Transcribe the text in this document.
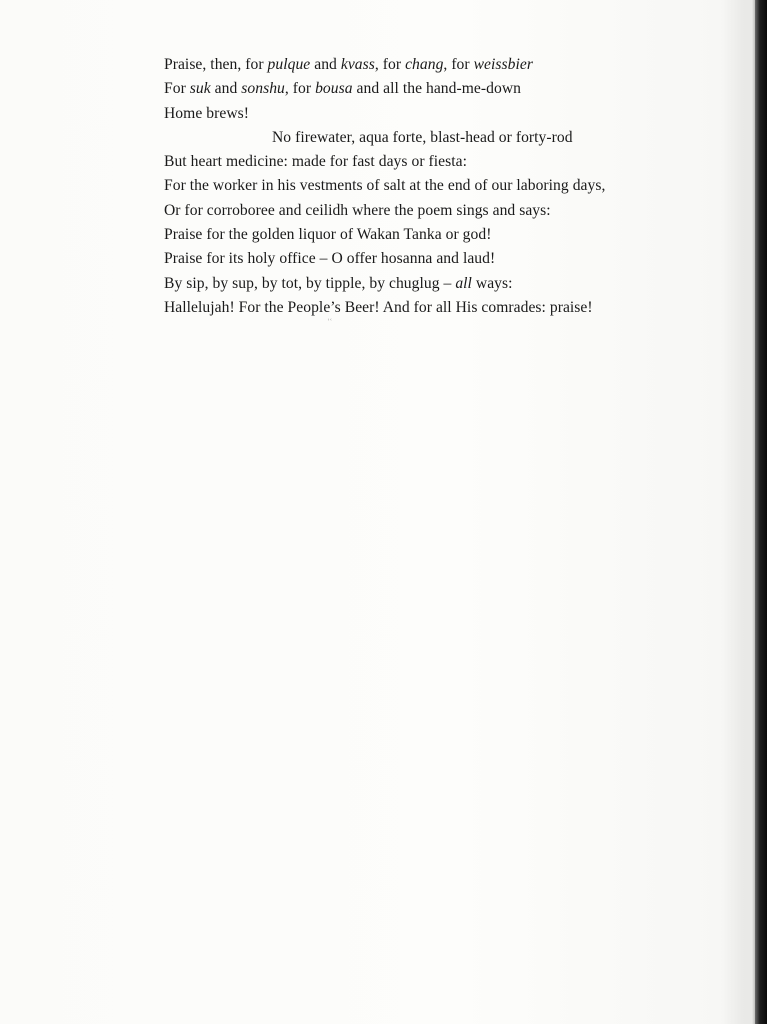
Praise, then, for pulque and kvass, for chang, for weissbier
For suk and sonshu, for bousa and all the hand-me-down
Home brews!
No firewater, aqua forte, blast-head or forty-rod
But heart medicine: made for fast days or fiesta:
For the worker in his vestments of salt at the end of our laboring days,
Or for corroboree and ceilidh where the poem sings and says:
Praise for the golden liquor of Wakan Tanka or god!
Praise for its holy office – O offer hosanna and laud!
By sip, by sup, by tot, by tipple, by chuglug – all ways:
Hallelujah! For the People’s Beer! And for all His comrades: praise!
ʿʿ
